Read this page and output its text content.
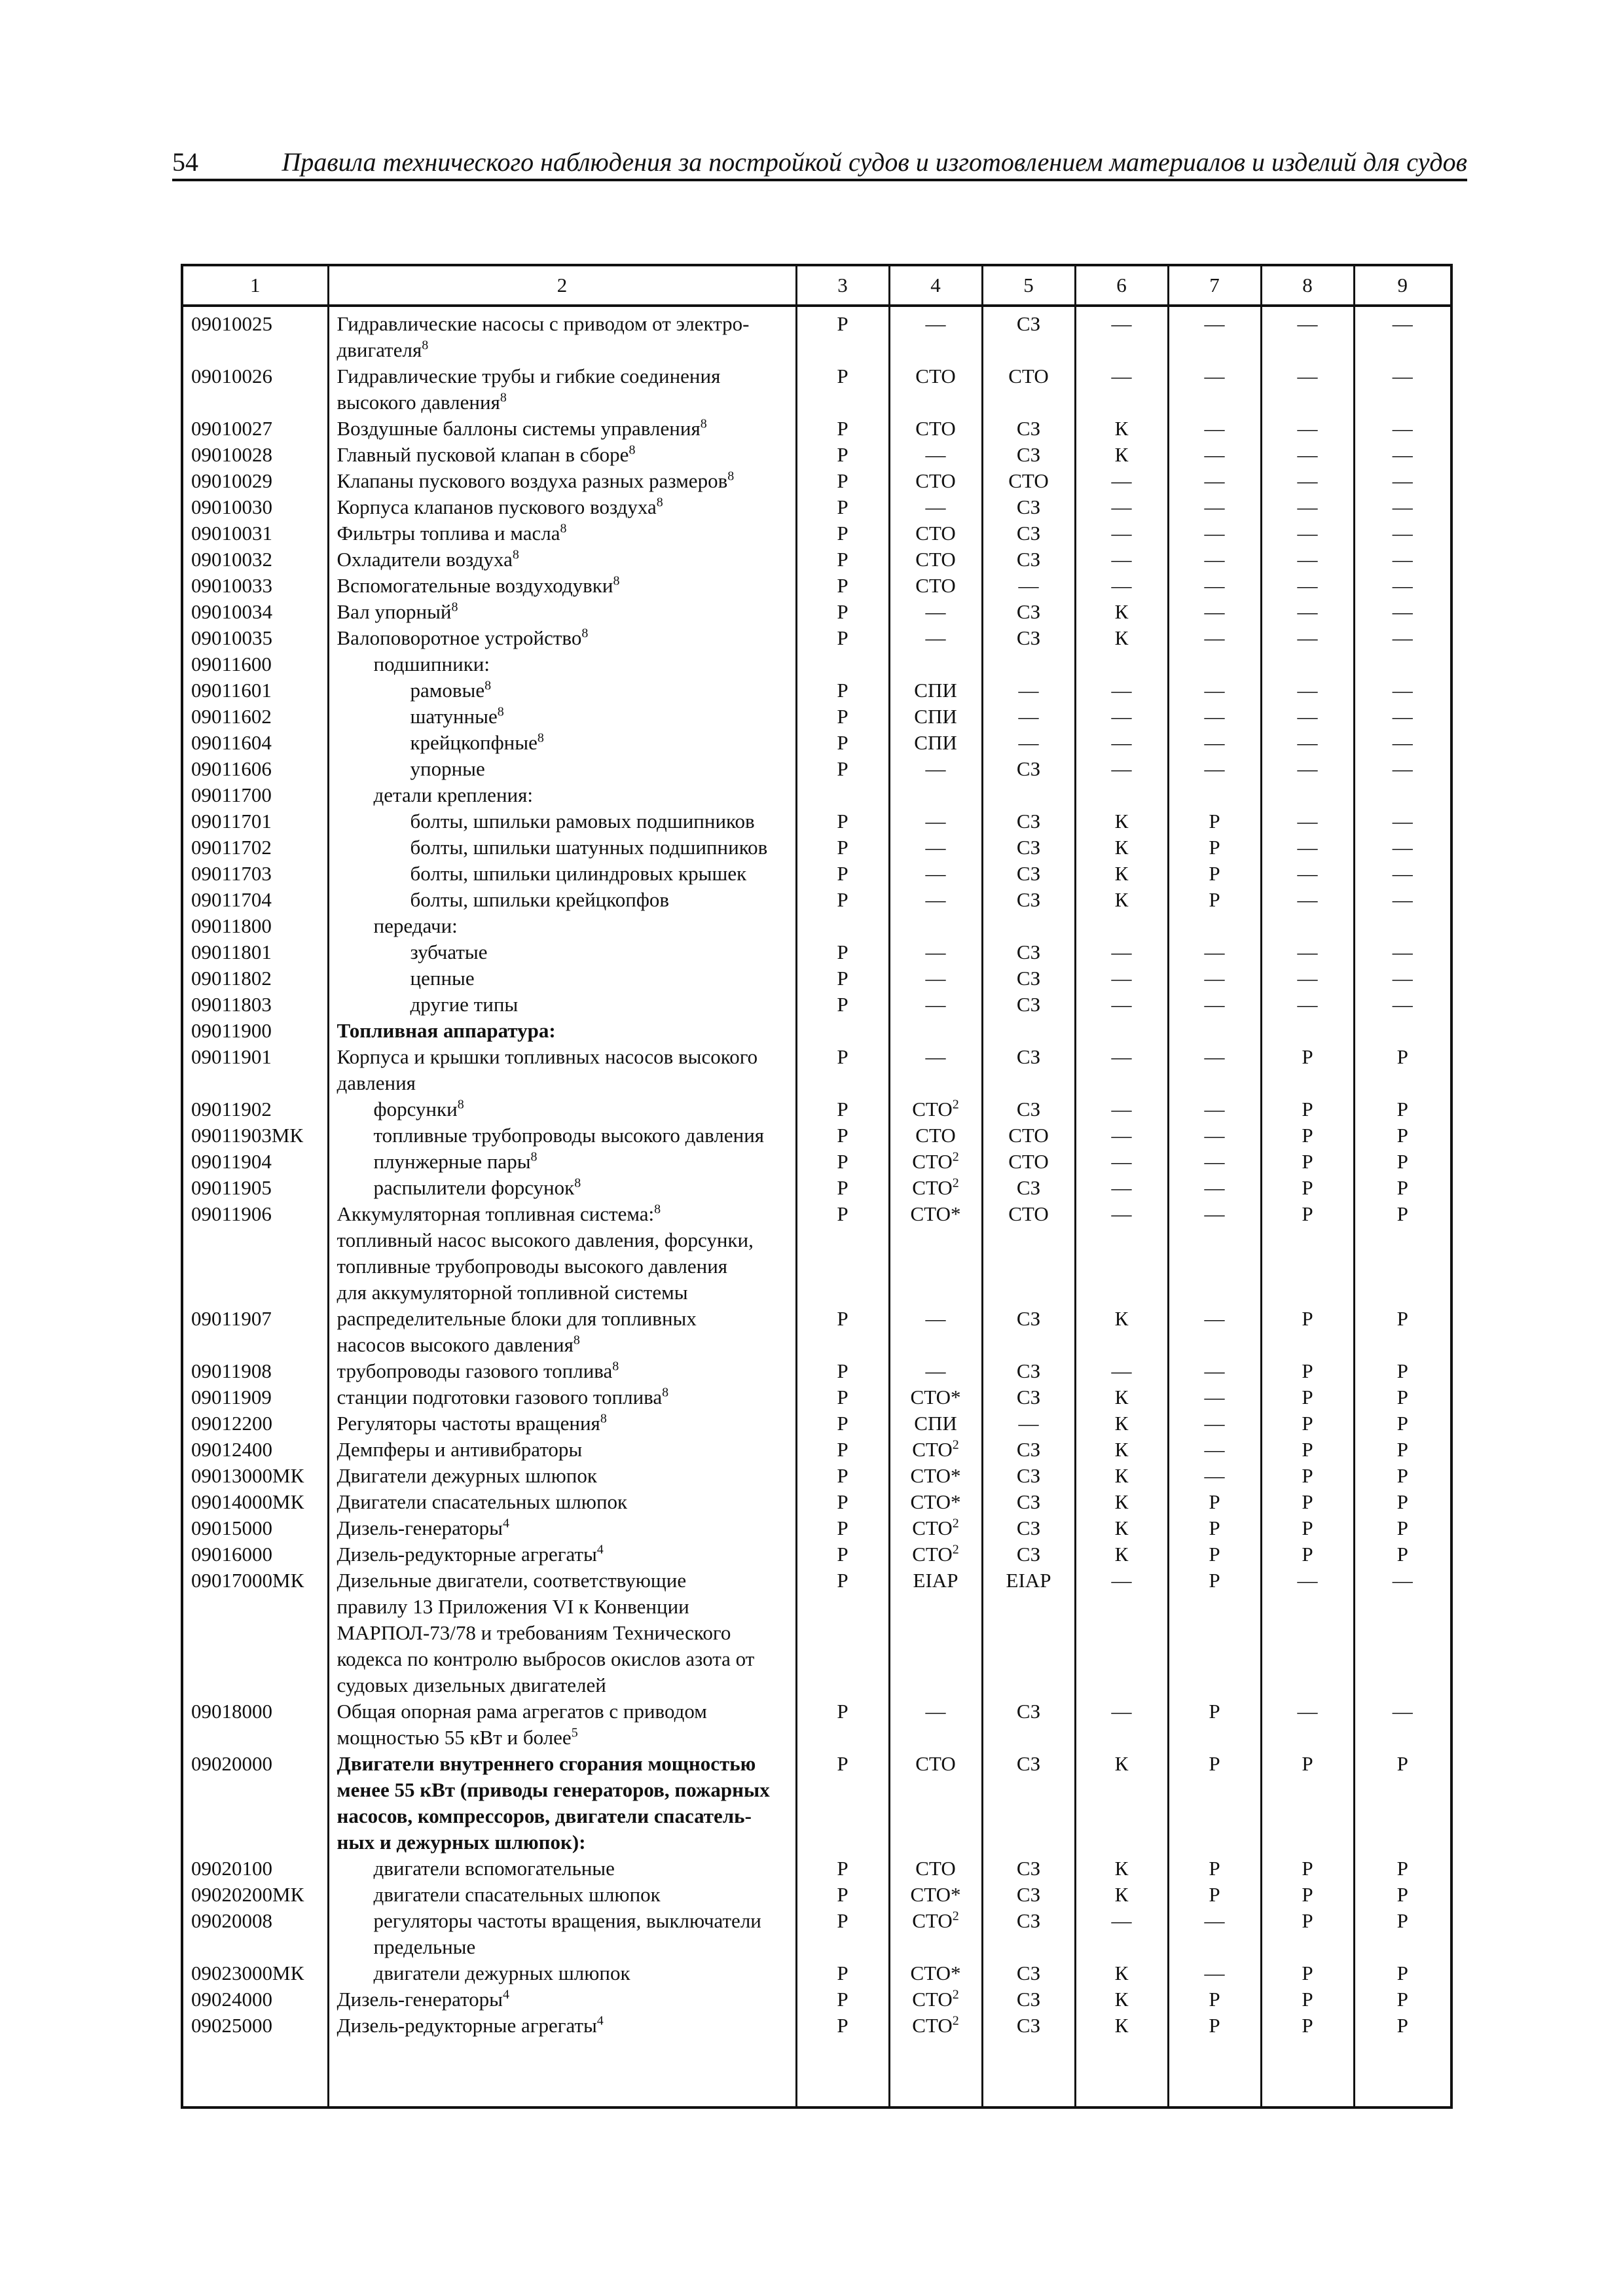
54	Правила технического наблюдения за постройкой судов и изготовлением материалов и изделий для судов
1	2	3	4	5	6	7	8	9
09010025	Гидравлические насосы с приводом от электро-
двигателя$^8$	Р	—	СЗ	—	—	—	—
09010026	Гидравлические трубы и гибкие соединения
высокого давления$^8$	Р	СТО	СТО	—	—	—	—
09010027	Воздушные баллоны системы управления$^8$	Р	СТО	СЗ	К	—	—	—
09010028	Главный пусковой клапан в сборе$^8$	Р	—	СЗ	К	—	—	—
09010029	Клапаны пускового воздуха разных размеров$^8$	Р	СТО	СТО	—	—	—	—
09010030	Корпуса клапанов пускового воздуха$^8$	Р	—	СЗ	—	—	—	—
09010031	Фильтры топлива и масла$^8$	Р	СТО	СЗ	—	—	—	—
09010032	Охладители воздуха$^8$	Р	СТО	СЗ	—	—	—	—
09010033	Вспомогательные воздуходувки$^8$	Р	СТО	—	—	—	—	—
09010034	Вал упорный$^8$	Р	—	СЗ	К	—	—	—
09010035	Валоповоротное устройство$^8$	Р	—	СЗ	К	—	—	—
09011600	подшипники:							

09011601	рамовые$^8$	Р	СПИ	—	—	—	—	—
09011602	шатунные$^8$	Р	СПИ	—	—	—	—	—
09011604	крейцкопфные$^8$	Р	СПИ	—	—	—	—	—
09011606	упорные	Р	—	СЗ	—	—	—	—
09011700	детали крепления:							

09011701	болты, шпильки рамовых подшипников	Р	—	СЗ	К	Р	—	—
09011702	болты, шпильки шатунных подшипников	Р	—	СЗ	К	Р	—	—
09011703	болты, шпильки цилиндровых крышек	Р	—	СЗ	К	Р	—	—
09011704	болты, шпильки крейцкопфов	Р	—	СЗ	К	Р	—	—
09011800	передачи:							

09011801	зубчатые	Р	—	СЗ	—	—	—	—
09011802	цепные	Р	—	СЗ	—	—	—	—
09011803	другие типы	Р	—	СЗ	—	—	—	—
09011900	Топливная аппаратура:							

09011901	Корпуса и крышки топливных насосов высокого
давления	Р	—	СЗ	—	—	Р	Р
09011902	форсунки$^8$	Р	СТО$^2$	СЗ	—	—	Р	Р
09011903МК	топливные трубопроводы высокого давления	Р	СТО	СТО	—	—	Р	Р
09011904	плунжерные пары$^8$	Р	СТО$^2$	СТО	—	—	Р	Р
09011905	распылители форсунок$^8$	Р	СТО$^2$	СЗ	—	—	Р	Р
09011906	Аккумуляторная топливная система:$^8$
топливный насос высокого давления, форсунки,
топливные трубопроводы высокого давления
для аккумуляторной топливной системы	Р	СТО*	СТО	—	—	Р	Р
09011907	распределительные блоки для топливных
насосов высокого давления$^8$	Р	—	СЗ	К	—	Р	Р
09011908	трубопроводы газового топлива$^8$	Р	—	СЗ	—	—	Р	Р
09011909	станции подготовки газового топлива$^8$	Р	СТО*	СЗ	К	—	Р	Р
09012200	Регуляторы частоты вращения$^8$	Р	СПИ	—	К	—	Р	Р
09012400	Демпферы и антивибраторы	Р	СТО$^2$	СЗ	К	—	Р	Р
09013000МК	Двигатели дежурных шлюпок	Р	СТО*	СЗ	К	—	Р	Р
09014000МК	Двигатели спасательных шлюпок	Р	СТО*	СЗ	К	Р	Р	Р
09015000	Дизель-генераторы$^4$	Р	СТО$^2$	СЗ	К	Р	Р	Р
09016000	Дизель-редукторные агрегаты$^4$	Р	СТО$^2$	СЗ	К	Р	Р	Р
09017000МК	Дизельные двигатели, соответствующие
правилу 13 Приложения VI к Конвенции
МАРПОЛ-73/78 и требованиям Технического
кодекса по контролю выбросов окислов азота от
судовых дизельных двигателей	Р	EIAP	EIAP	—	Р	—	—
09018000	Общая опорная рама агрегатов с приводом
мощностью 55 кВт и более$^5$	Р	—	СЗ	—	Р	—	—
09020000	Двигатели внутреннего сгорания мощностью
менее 55 кВт (приводы генераторов, пожарных
насосов, компрессоров, двигатели спасатель-
ных и дежурных шлюпок):	Р	СТО	СЗ	К	Р	Р	Р
09020100	двигатели вспомогательные	Р	СТО	СЗ	К	Р	Р	Р
09020200МК	двигатели спасательных шлюпок	Р	СТО*	СЗ	К	Р	Р	Р
09020008	регуляторы частоты вращения, выключатели
предельные	Р	СТО$^2$	СЗ	—	—	Р	Р
09023000МК	двигатели дежурных шлюпок	Р	СТО*	СЗ	К	—	Р	Р
09024000	Дизель-генераторы$^4$	Р	СТО$^2$	СЗ	К	Р	Р	Р
09025000	Дизель-редукторные агрегаты$^4$	Р	СТО$^2$	СЗ	К	Р	Р	Р
